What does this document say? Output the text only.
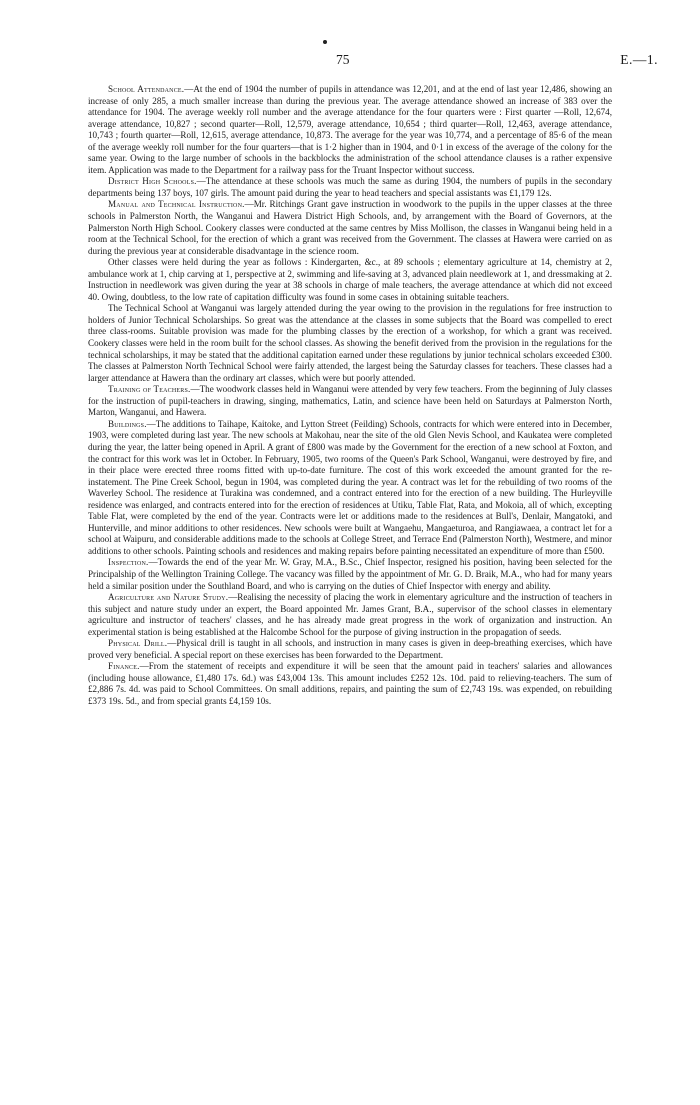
75	E.—1.

School Attendance.—At the end of 1904 the number of pupils in attendance was 12,201, and at the end of last year 12,486, showing an increase of only 285, a much smaller increase than during the previous year. The average attendance showed an increase of 383 over the attendance for 1904. The average weekly roll number and the average attendance for the four quarters were : First quarter —Roll, 12,674, average attendance, 10,827 ; second quarter—Roll, 12,579, average attendance, 10,654 ; third quarter—Roll, 12,463, average attendance, 10,743 ; fourth quarter—Roll, 12,615, average attendance, 10,873. The average for the year was 10,774, and a percentage of 85·6 of the mean of the average weekly roll number for the four quarters—that is 1·2 higher than in 1904, and 0·1 in excess of the average of the colony for the same year. Owing to the large number of schools in the backblocks the administration of the school attendance clauses is a rather expensive item. Application was made to the Department for a railway pass for the Truant Inspector without success.

District High Schools.—The attendance at these schools was much the same as during 1904, the numbers of pupils in the secondary departments being 137 boys, 107 girls. The amount paid during the year to head teachers and special assistants was £1,179 12s.

Manual and Technical Instruction.—Mr. Ritchings Grant gave instruction in woodwork to the pupils in the upper classes at the three schools in Palmerston North, the Wanganui and Hawera District High Schools, and, by arrangement with the Board of Governors, at the Palmerston North High School. Cookery classes were conducted at the same centres by Miss Mollison, the classes in Wanganui being held in a room at the Technical School, for the erection of which a grant was received from the Government. The classes at Hawera were carried on as during the previous year at considerable disadvantage in the science room.

Other classes were held during the year as follows : Kindergarten, &c., at 89 schools ; elementary agriculture at 14, chemistry at 2, ambulance work at 1, chip carving at 1, perspective at 2, swimming and life-saving at 3, advanced plain needlework at 1, and dressmaking at 2. Instruction in needlework was given during the year at 38 schools in charge of male teachers, the average attendance at which did not exceed 40. Owing, doubtless, to the low rate of capitation difficulty was found in some cases in obtaining suitable teachers.

The Technical School at Wanganui was largely attended during the year owing to the provision in the regulations for free instruction to holders of Junior Technical Scholarships. So great was the attendance at the classes in some subjects that the Board was compelled to erect three class-rooms. Suitable provision was made for the plumbing classes by the erection of a workshop, for which a grant was received. Cookery classes were held in the room built for the school classes. As showing the benefit derived from the provision in the regulations for the technical scholarships, it may be stated that the additional capitation earned under these regulations by junior technical scholars exceeded £300. The classes at Palmerston North Technical School were fairly attended, the largest being the Saturday classes for teachers. These classes had a larger attendance at Hawera than the ordinary art classes, which were but poorly attended.

Training of Teachers.—The woodwork classes held in Wanganui were attended by very few teachers. From the beginning of July classes for the instruction of pupil-teachers in drawing, singing, mathematics, Latin, and science have been held on Saturdays at Palmerston North, Marton, Wanganui, and Hawera.

Buildings.—The additions to Taihape, Kaitoke, and Lytton Street (Feilding) Schools, contracts for which were entered into in December, 1903, were completed during last year. The new schools at Makohau, near the site of the old Glen Nevis School, and Kaukatea were completed during the year, the latter being opened in April. A grant of £800 was made by the Government for the erection of a new school at Foxton, and the contract for this work was let in October. In February, 1905, two rooms of the Queen's Park School, Wanganui, were destroyed by fire, and in their place were erected three rooms fitted with up-to-date furniture. The cost of this work exceeded the amount granted for the re-instatement. The Pine Creek School, begun in 1904, was completed during the year. A contract was let for the rebuilding of two rooms of the Waverley School. The residence at Turakina was condemned, and a contract entered into for the erection of a new building. The Hurleyville residence was enlarged, and contracts entered into for the erection of residences at Utiku, Table Flat, Rata, and Mokoia, all of which, excepting Table Flat, were completed by the end of the year. Contracts were let or additions made to the residences at Bull's, Denlair, Mangatoki, and Hunterville, and minor additions to other residences. New schools were built at Wangaehu, Mangaeturoa, and Rangiawaea, a contract let for a school at Waipuru, and considerable additions made to the schools at College Street, and Terrace End (Palmerston North), Westmere, and minor additions to other schools. Painting schools and residences and making repairs before painting necessitated an expenditure of more than £500.

Inspection.—Towards the end of the year Mr. W. Gray, M.A., B.Sc., Chief Inspector, resigned his position, having been selected for the Principalship of the Wellington Training College. The vacancy was filled by the appointment of Mr. G. D. Braik, M.A., who had for many years held a similar position under the Southland Board, and who is carrying on the duties of Chief Inspector with energy and ability.

Agriculture and Nature Study.—Realising the necessity of placing the work in elementary agriculture and the instruction of teachers in this subject and nature study under an expert, the Board appointed Mr. James Grant, B.A., supervisor of the school classes in elementary agriculture and instructor of teachers' classes, and he has already made great progress in the work of organization and instruction. An experimental station is being established at the Halcombe School for the purpose of giving instruction in the propagation of seeds.

Physical Drill.—Physical drill is taught in all schools, and instruction in many cases is given in deep-breathing exercises, which have proved very beneficial. A special report on these exercises has been forwarded to the Department.

Finance.—From the statement of receipts and expenditure it will be seen that the amount paid in teachers' salaries and allowances (including house allowance, £1,480 17s. 6d.) was £43,004 13s. This amount includes £252 12s. 10d. paid to relieving-teachers. The sum of £2,886 7s. 4d. was paid to School Committees. On small additions, repairs, and painting the sum of £2,743 19s. was expended, on rebuilding £373 19s. 5d., and from special grants £4,159 10s.
